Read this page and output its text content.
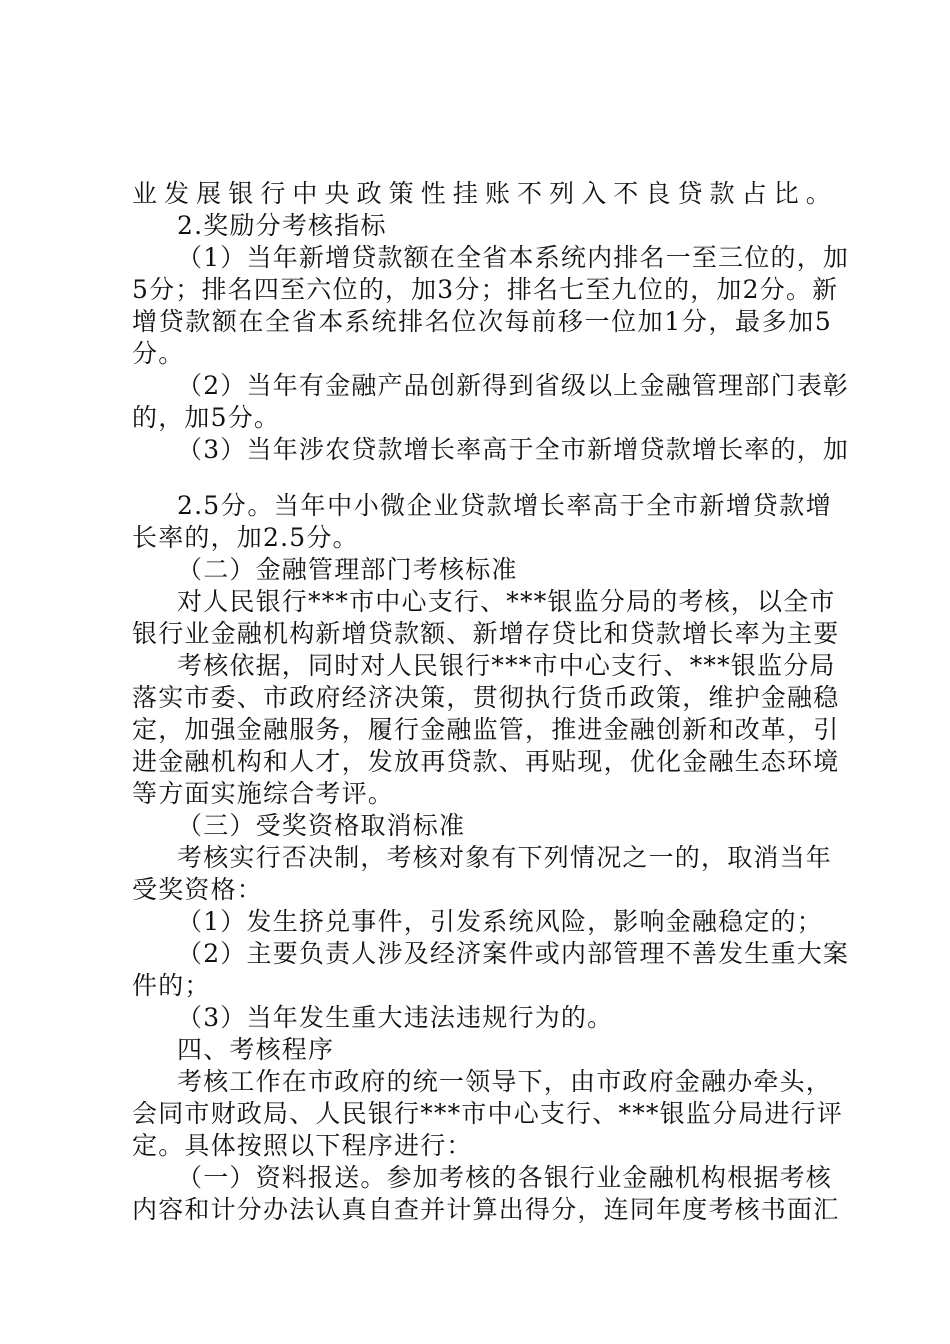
业发展银行中央政策性挂账不列入不良贷款占比。
2.奖励分考核指标
（1）当年新增贷款额在全省本系统内排名一至三位的，加
5分；排名四至六位的，加3分；排名七至九位的，加2分。新
增贷款额在全省本系统排名位次每前移一位加1分，最多加5
分。
（2）当年有金融产品创新得到省级以上金融管理部门表彰
的，加5分。
（3）当年涉农贷款增长率高于全市新增贷款增长率的，加
2.5分。当年中小微企业贷款增长率高于全市新增贷款增
长率的，加2.5分。
（二）金融管理部门考核标准
对人民银行***市中心支行、***银监分局的考核，以全市
银行业金融机构新增贷款额、新增存贷比和贷款增长率为主要
考核依据，同时对人民银行***市中心支行、***银监分局
落实市委、市政府经济决策，贯彻执行货币政策，维护金融稳
定，加强金融服务，履行金融监管，推进金融创新和改革，引
进金融机构和人才，发放再贷款、再贴现，优化金融生态环境
等方面实施综合考评。
（三）受奖资格取消标准
考核实行否决制，考核对象有下列情况之一的，取消当年
受奖资格：
（1）发生挤兑事件，引发系统风险，影响金融稳定的；
（2）主要负责人涉及经济案件或内部管理不善发生重大案
件的；
（3）当年发生重大违法违规行为的。
四、考核程序
考核工作在市政府的统一领导下，由市政府金融办牵头，
会同市财政局、人民银行***市中心支行、***银监分局进行评
定。具体按照以下程序进行：
（一）资料报送。参加考核的各银行业金融机构根据考核
内容和计分办法认真自查并计算出得分，连同年度考核书面汇
